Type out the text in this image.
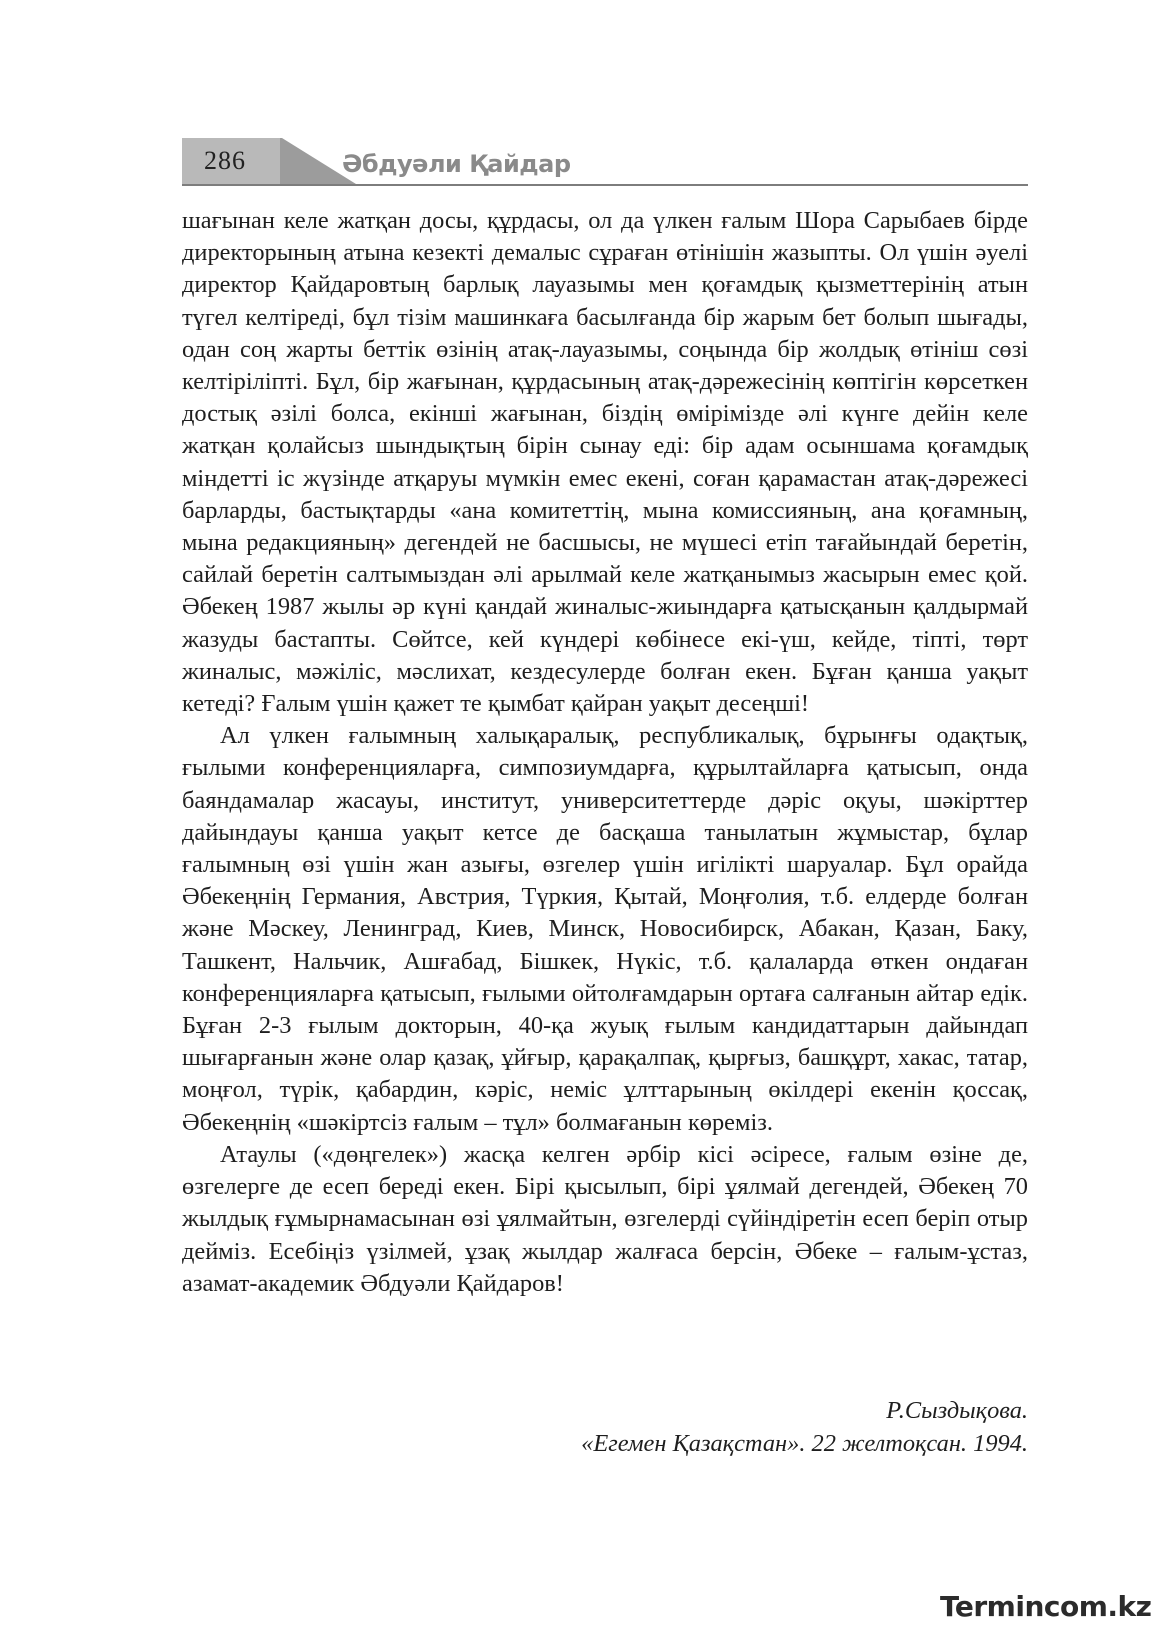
286	Әбдуәли Қайдар

шағынан келе жатқан досы, құрдасы, ол да үлкен ғалым Шора Сарыбаев бірде директорының атына кезекті демалыс сұраған өтінішін жазыпты. Ол үшін әуелі директор Қайдаровтың барлық лауазымы мен қоғамдық қызметтерінің атын түгел келтіреді, бұл тізім машинкаға басылғанда бір жарым бет болып шығады, одан соң жарты беттік өзінің атақ-лауазымы, соңында бір жолдық өтініш сөзі келтіріліпті. Бұл, бір жағынан, құрдасының атақ-дәрежесінің көптігін көрсеткен достық әзілі болса, екінші жағынан, біздің өміріміздe әлі күнге дейін келе жатқан қолайсыз шындықтың бірін сынау еді: бір адам осыншама қоғамдық міндетті іс жүзінде атқаруы мүмкін емес екені, соған қарамастан атақ-дәрежесі барларды, бастықтарды «ана комитеттің, мына комиссияның, ана қоғамның, мына редакцияның» дегендей не басшысы, не мүшесі етіп тағайындай беретін, сайлай беретін салтымыздан әлі арылмай келе жатқанымыз жасырын емес қой. Әбекең 1987 жылы әр күні қандай жиналыс-жиындарға қатысқанын қалдырмай жазуды бастапты. Сөйтсе, кей күндері көбінесе екі-үш, кейде, тіпті, төрт жиналыс, мәжіліс, мәслихат, кездесулерде болған екен. Бұған қанша уақыт кетеді? Ғалым үшін қажет те қымбат қайран уақыт десеңші!

Ал үлкен ғалымның халықаралық, республикалық, бұрынғы одақтық, ғылыми конференцияларға, симпозиумдарға, құрылтайларға қатысып, онда баяндамалар жасауы, институт, университеттерде дәріс оқуы, шәкірттер дайындауы қанша уақыт кетсе де басқаша танылатын жұмыстар, бұлар ғалымның өзі үшін жан азығы, өзгелер үшін игілікті шаруалар. Бұл орайда Әбекеңнің Германия, Австрия, Түркия, Қытай, Моңғолия, т.б. елдерде болған және Мәскеу, Ленинград, Киев, Минск, Новосибирск, Абакан, Қазан, Баку, Ташкент, Нальчик, Ашғабад, Бішкек, Нүкіс, т.б. қалаларда өткен ондаған конференцияларға қатысып, ғылыми ойтолғамдарын ортаға салғанын айтар едік. Бұған 2-3 ғылым докторын, 40-қа жуық ғылым кандидаттарын дайындап шығарғанын және олар қазақ, ұйғыр, қарақалпақ, қырғыз, башқұрт, хакас, татар, моңғол, түрік, қабардин, кәріс, неміс ұлттарының өкілдері екенін қоссақ, Әбекеңнің «шәкіртсіз ғалым – тұл» болмағанын көреміз.

Атаулы («дөңгелек») жасқа келген әрбір кісі әсіресе, ғалым өзіне де, өзгелерге де есеп береді екен. Бірі қысылып, бірі ұялмай дегендей, Әбекең 70 жылдық ғұмырнамасынан өзі ұялмайтын, өзгелерді сүйіндіретін есеп беріп отыр дейміз. Есебіңіз үзілмей, ұзақ жылдар жалғаса берсін, Әбеке – ғалым-ұстаз, азамат-академик Әбдуәли Қайдаров!

Р.Сыздықова.
«Егемен Қазақстан». 22 желтоқсан. 1994.
Termincom.kz
